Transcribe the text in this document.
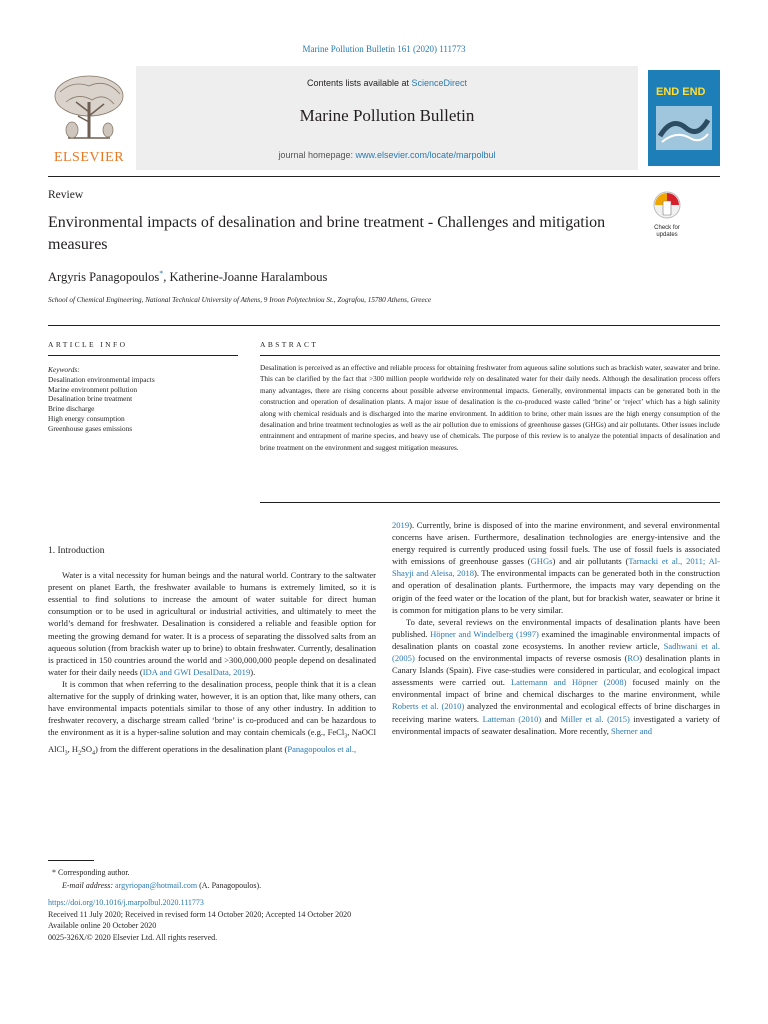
Marine Pollution Bulletin 161 (2020) 111773
ELSEVIER
Contents lists available at ScienceDirect
Marine Pollution Bulletin
journal homepage: www.elsevier.com/locate/marpolbul
END END
Review
Environmental impacts of desalination and brine treatment - Challenges and mitigation measures
Check for updates
Argyris Panagopoulos*, Katherine-Joanne Haralambous
School of Chemical Engineering, National Technical University of Athens, 9 Iroon Polytechniou St., Zografou, 15780 Athens, Greece
ARTICLE INFO	ABSTRACT
Keywords:
Desalination environmental impacts
Marine environment pollution
Desalination brine treatment
Brine discharge
High energy consumption
Greenhouse gases emissions
Desalination is perceived as an effective and reliable process for obtaining freshwater from aqueous saline solutions such as brackish water, seawater and brine. This can be clarified by the fact that >300 million people worldwide rely on desalinated water for their daily needs. Although the desalination process offers many advantages, there are rising concerns about possible adverse environmental impacts. Generally, environmental impacts can be generated both in the construction and operation of desalination plants. A major issue of desalination is the co-produced waste called ‘brine’ or ‘reject’ which has a high salinity along with chemical residuals and is discharged into the marine environment. In addition to brine, other main issues are the high energy consumption of the desalination and brine treatment technologies as well as the air pollution due to emissions of greenhouse gasses (GHGs) and air pollutants. Other issues include entrainment and entrapment of marine species, and heavy use of chemicals. The purpose of this review is to analyze the potential impacts of desalination and brine treatment on the environment and suggest mitigation measures.
1. Introduction

Water is a vital necessity for human beings and the natural world. Contrary to the saltwater present on planet Earth, the freshwater available to humans is extremely limited, so it is essential to find solutions to increase the amount of water suitable for direct human consumption or to be used in agricultural or industrial activities, and ultimately to meet the world’s demand for freshwater. Desalination is considered a reliable and feasible option for meeting the growing demand for water. It is a process of separating the dissolved salts from an aqueous solution (from brackish water up to brine) to obtain freshwater. Currently, desalination is practiced in 150 countries around the world and >300,000,000 people depend on desalinated water for their daily needs (IDA and GWI DesalData, 2019).

It is common that when referring to the desalination process, people think that it is a clean alternative for the supply of drinking water, however, it is an option that, like many others, can have environmental impacts potentials similar to those of any other industry. In addition to freshwater recovery, a discharge stream called ‘brine’ is co-produced and can be hazardous to the environment as it is a hyper-saline solution and may contain chemicals (e.g., FeCl$_3$, NaOCl AlCl$_3$, $H_2SO_4$) from the different operations in the desalination plant (Panagopoulos et al.,

2019). Currently, brine is disposed of into the marine environment, and several environmental concerns have arisen. Furthermore, desalination technologies are energy-intensive and the energy required is currently produced using fossil fuels. The use of fossil fuels is associated with emissions of greenhouse gasses (GHGs) and air pollutants (Tarnacki et al., 2011; Al-Shayji and Aleisa, 2018). The environmental impacts can be generated both in the construction and operation of desalination plants. Furthermore, the impacts may vary depending on the origin of the feed water or the location of the plant, but for brackish water, seawater or brine it is common for mitigation plans to be very similar.

To date, several reviews on the environmental impacts of desalination plants have been published. Höpner and Windelberg (1997) examined the imaginable environmental impacts of desalination plants on coastal zone ecosystems. In another review article, Sadhwani et al. (2005) focused on the environmental impacts of reverse osmosis (RO) desalination plants in Canary Islands (Spain). Five case-studies were considered in particular, and ecological impact assessments were carried out. Lattemann and Höpner (2008) focused mainly on the environmental impact of brine and chemical discharges to the marine environment, while Roberts et al. (2010) analyzed the environmental and ecological effects of brine discharges in receiving marine waters. Latteman (2010) and Miller et al. (2015) investigated a variety of environmental impacts of seawater desalination. More recently, Sherner and

* Corresponding author.
E-mail address: argyriopan@hotmail.com (A. Panagopoulos).
https://doi.org/10.1016/j.marpolbul.2020.111773
Received 11 July 2020; Received in revised form 14 October 2020; Accepted 14 October 2020
Available online 20 October 2020
0025-326X/© 2020 Elsevier Ltd. All rights reserved.
